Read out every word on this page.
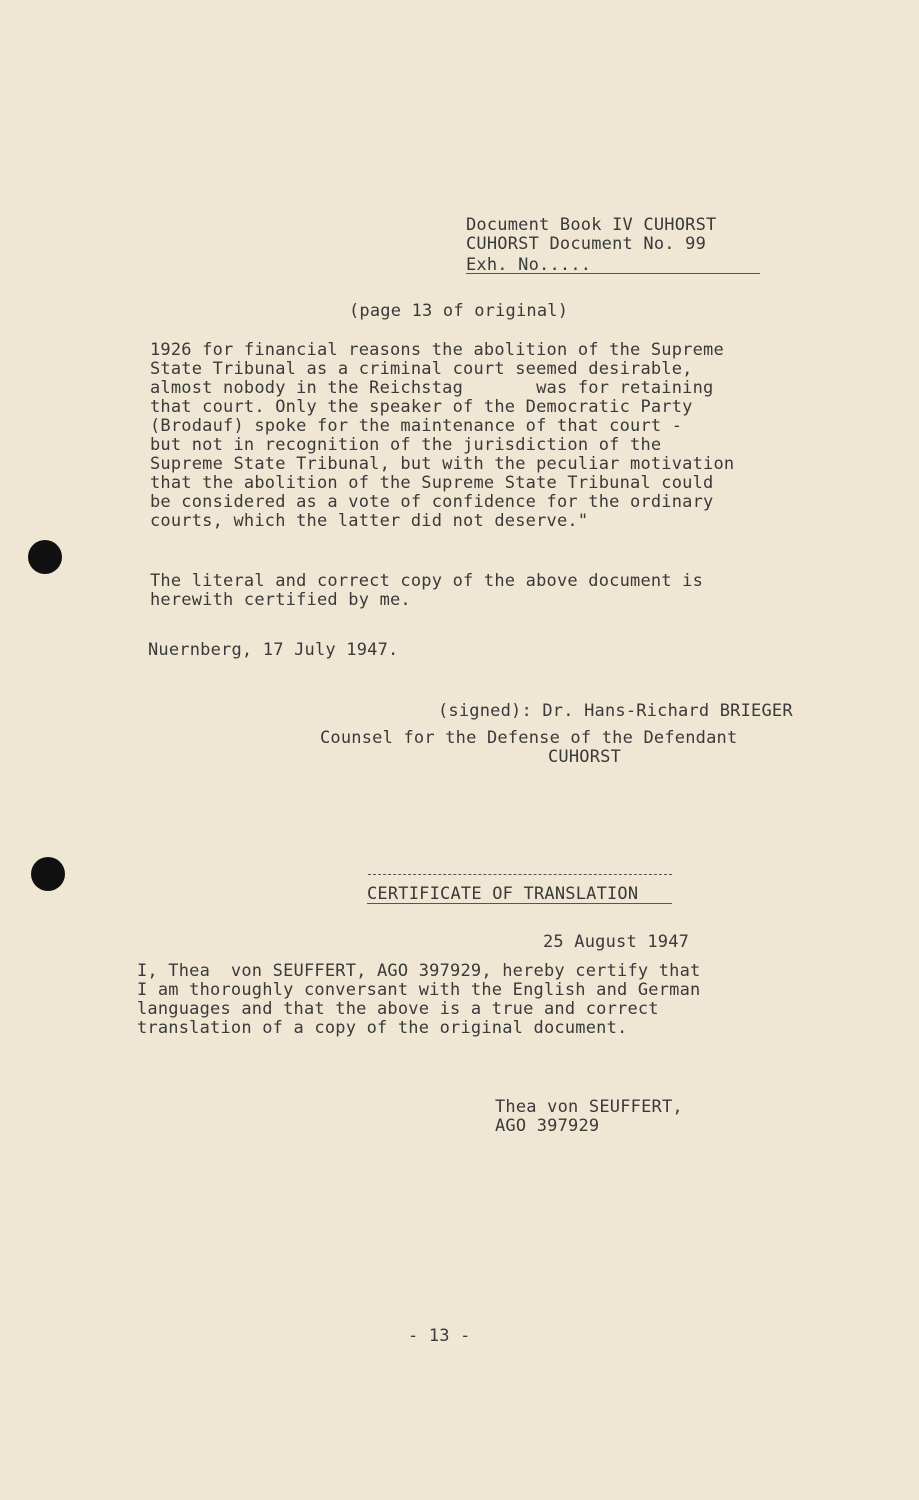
Document Book IV CUHORST
CUHORST Document No. 99
Exh. No.....
(page 13 of original)
1926 for financial reasons the abolition of the Supreme
State Tribunal as a criminal court seemed desirable,
almost nobody in the Reichstag       was for retaining
that court. Only the speaker of the Democratic Party
(Brodauf) spoke for the maintenance of that court -
but not in recognition of the jurisdiction of the
Supreme State Tribunal, but with the peculiar motivation
that the abolition of the Supreme State Tribunal could
be considered as a vote of confidence for the ordinary
courts, which the latter did not deserve."
The literal and correct copy of the above document is
herewith certified by me.
Nuernberg, 17 July 1947.
(signed): Dr. Hans-Richard BRIEGER
Counsel for the Defense of the Defendant
CUHORST
CERTIFICATE OF TRANSLATION
25 August 1947
I, Thea  von SEUFFERT, AGO 397929, hereby certify that
I am thoroughly conversant with the English and German
languages and that the above is a true and correct
translation of a copy of the original document.
Thea von SEUFFERT,
AGO 397929
- 13 -
